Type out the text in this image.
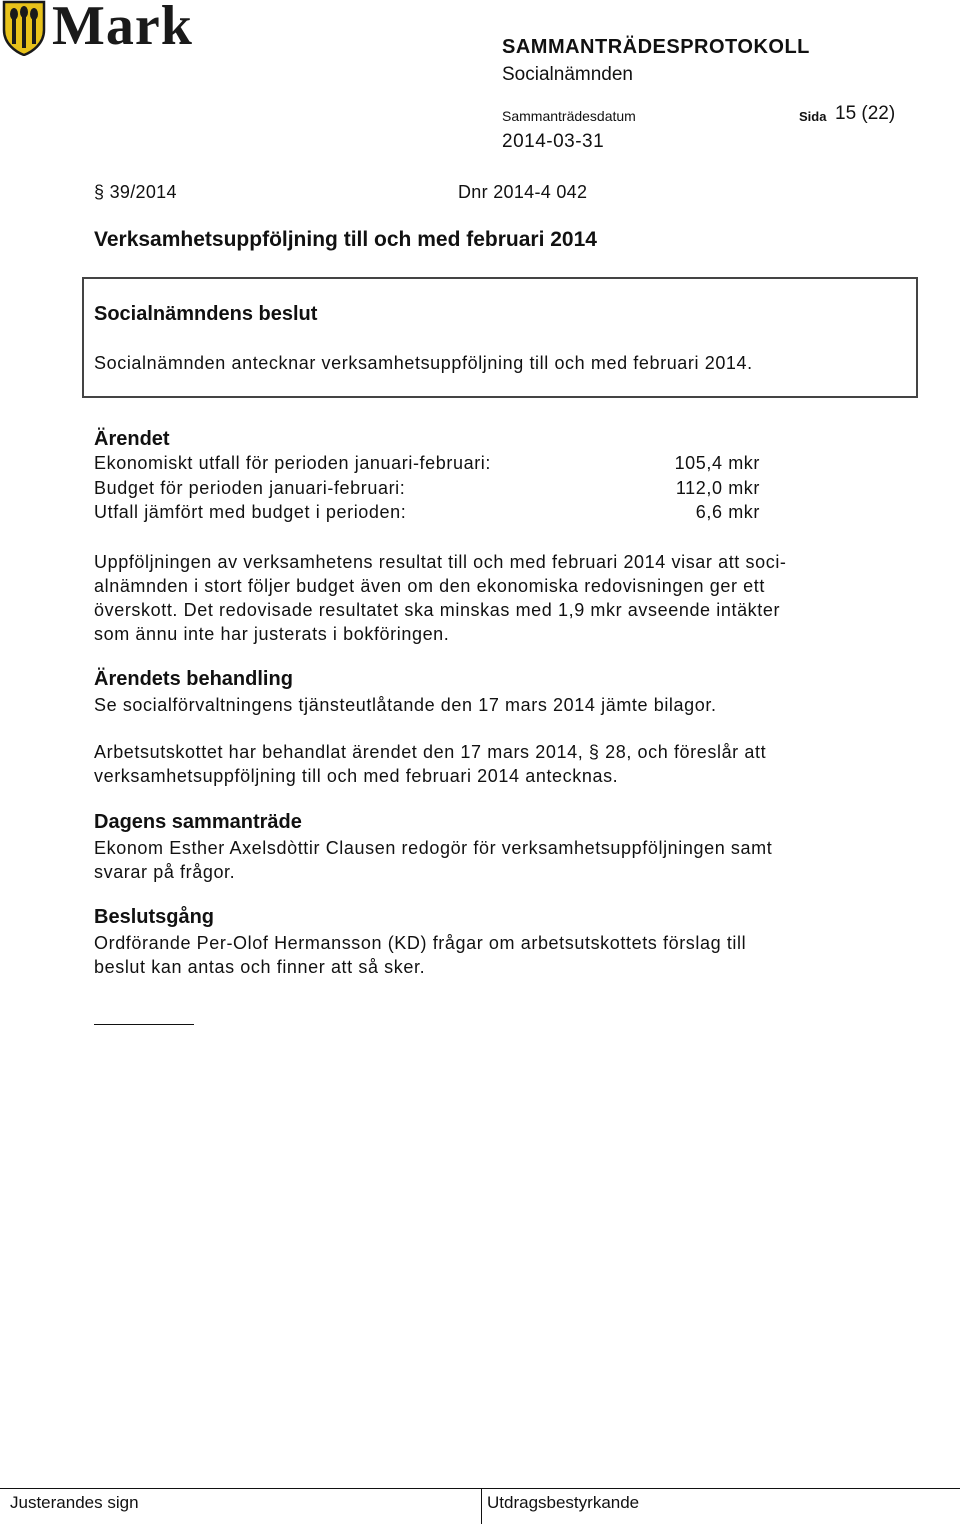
Mark	SAMMANTRÄDESPROTOKOLL
Socialnämnden
Sammanträdesdatum	Sida 15 (22)
2014-03-31
§ 39/2014	Dnr 2014-4 042
Verksamhetsuppföljning till och med februari 2014
Socialnämndens beslut
Socialnämnden antecknar verksamhetsuppföljning till och med februari 2014.
Ärendet
Ekonomiskt utfall för perioden januari-februari:	105,4 mkr
Budget för perioden januari-februari:	112,0 mkr
Utfall jämfört med budget i perioden:	6,6 mkr
Uppföljningen av verksamhetens resultat till och med februari 2014 visar att soci-
alnämnden i stort följer budget även om den ekonomiska redovisningen ger ett
överskott. Det redovisade resultatet ska minskas med 1,9 mkr avseende intäkter
som ännu inte har justerats i bokföringen.
Ärendets behandling
Se socialförvaltningens tjänsteutlåtande den 17 mars 2014 jämte bilagor.
Arbetsutskottet har behandlat ärendet den 17 mars 2014, § 28, och föreslår att
verksamhetsuppföljning till och med februari 2014 antecknas.
Dagens sammanträde
Ekonom Esther Axelsdòttir Clausen redogör för verksamhetsuppföljningen samt
svarar på frågor.
Beslutsgång
Ordförande Per-Olof Hermansson (KD) frågar om arbetsutskottets förslag till
beslut kan antas och finner att så sker.
Justerandes sign	Utdragsbestyrkande
